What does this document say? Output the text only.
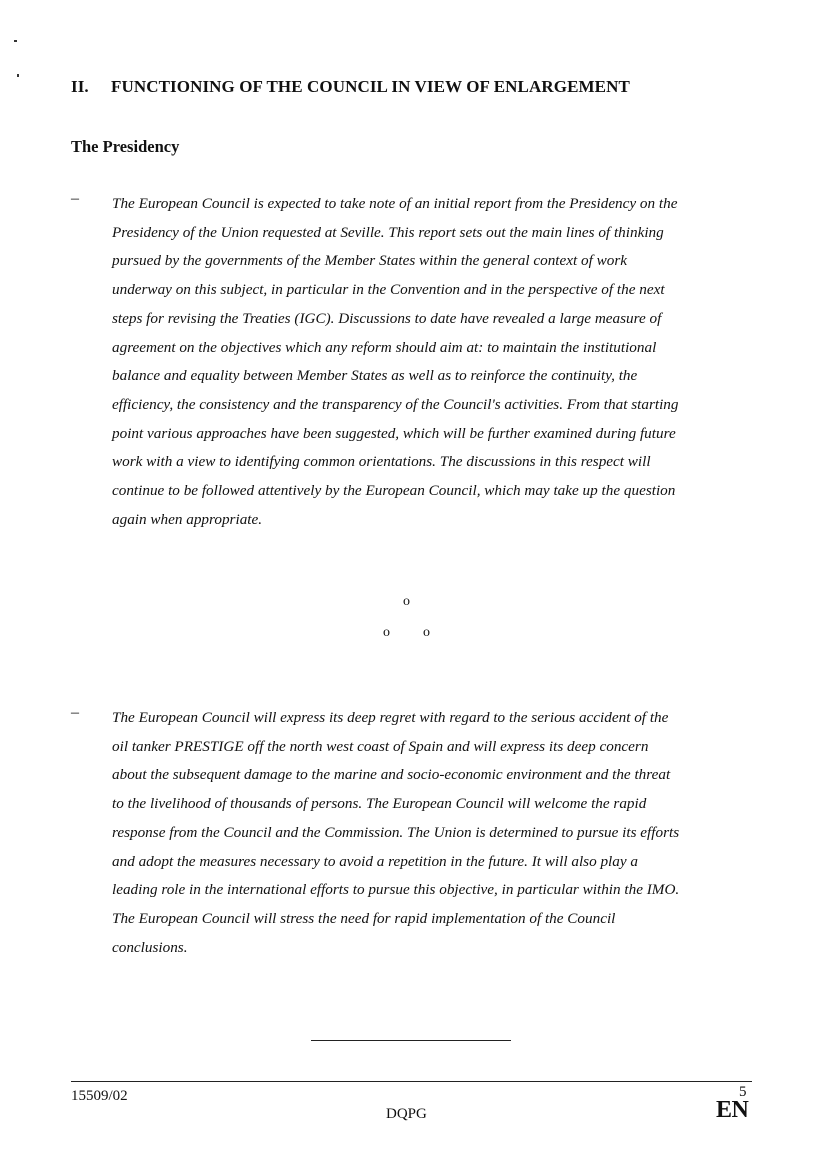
II.	FUNCTIONING OF THE COUNCIL IN VIEW OF ENLARGEMENT
The Presidency
– The European Council is expected to take note of an initial report from the Presidency on the
Presidency of the Union requested at Seville. This report sets out the main lines of thinking
pursued by the governments of the Member States within the general context of work
underway on this subject, in particular in the Convention and in the perspective of the next
steps for revising the Treaties (IGC). Discussions to date have revealed a large measure of
agreement on the objectives which any reform should aim at: to maintain the institutional
balance and equality between Member States as well as to reinforce the continuity, the
efficiency, the consistency and the transparency of the Council's activities. From that starting
point various approaches have been suggested, which will be further examined during future
work with a view to identifying common orientations. The discussions in this respect will
continue to be followed attentively by the European Council, which may take up the question
again when appropriate.
o
o o
– The European Council will express its deep regret with regard to the serious accident of the
oil tanker PRESTIGE off the north west coast of Spain and will express its deep concern
about the subsequent damage to the marine and socio-economic environment and the threat
to the livelihood of thousands of persons. The European Council will welcome the rapid
response from the Council and the Commission. The Union is determined to pursue its efforts
and adopt the measures necessary to avoid a repetition in the future. It will also play a
leading role in the international efforts to pursue this objective, in particular within the IMO.
The European Council will stress the need for rapid implementation of the Council
conclusions.
15509/02
DQPG
5
EN
